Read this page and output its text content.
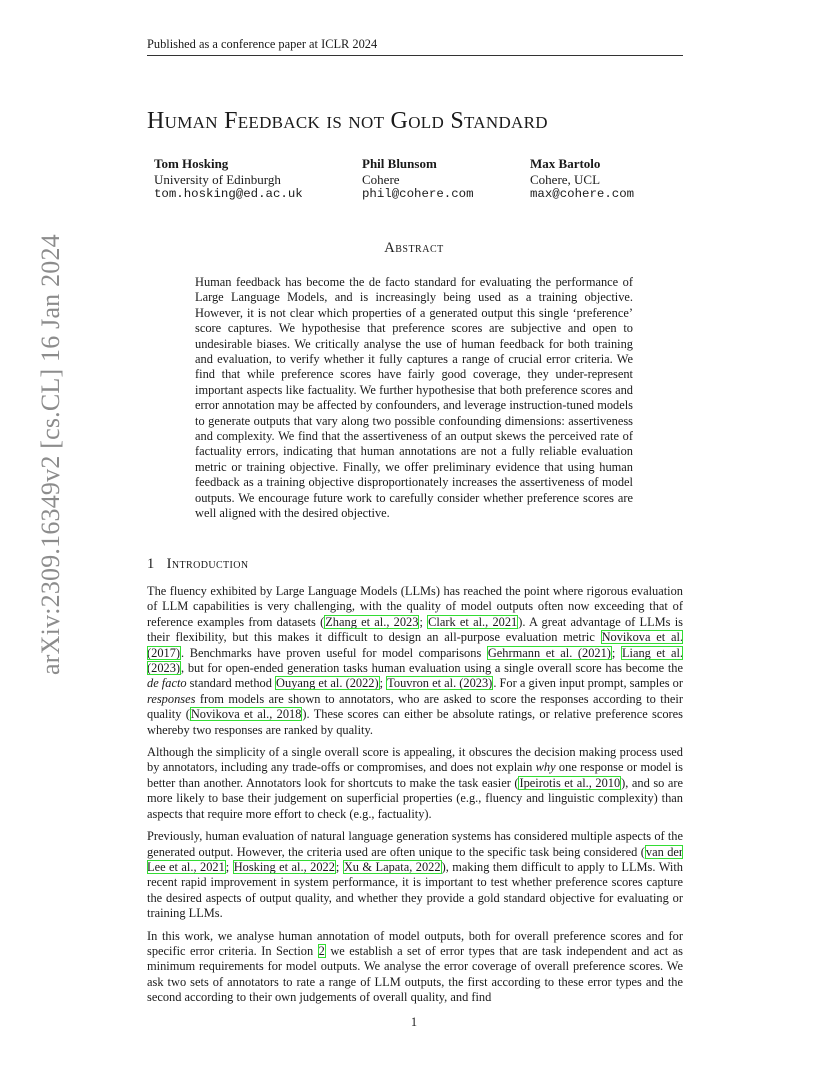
Published as a conference paper at ICLR 2024
arXiv:2309.16349v2 [cs.CL] 16 Jan 2024
Human Feedback is not Gold Standard
Tom Hosking
University of Edinburgh
tom.hosking@ed.ac.uk
Phil Blunsom
Cohere
phil@cohere.com
Max Bartolo
Cohere, UCL
max@cohere.com
Abstract
Human feedback has become the de facto standard for evaluating the performance of Large Language Models, and is increasingly being used as a training objective. However, it is not clear which properties of a generated output this single ‘preference’ score captures. We hypothesise that preference scores are subjective and open to undesirable biases. We critically analyse the use of human feedback for both training and evaluation, to verify whether it fully captures a range of crucial error criteria. We find that while preference scores have fairly good coverage, they under-represent important aspects like factuality. We further hypothesise that both preference scores and error annotation may be affected by confounders, and leverage instruction-tuned models to generate outputs that vary along two possible confounding dimensions: assertiveness and complexity. We find that the assertiveness of an output skews the perceived rate of factuality errors, indicating that human annotations are not a fully reliable evaluation metric or training objective. Finally, we offer preliminary evidence that using human feedback as a training objective disproportionately increases the assertiveness of model outputs. We encourage future work to carefully consider whether preference scores are well aligned with the desired objective.
1 Introduction

The fluency exhibited by Large Language Models (LLMs) has reached the point where rigorous evaluation of LLM capabilities is very challenging, with the quality of model outputs often now exceeding that of reference examples from datasets (Zhang et al., 2023; Clark et al., 2021). A great advantage of LLMs is their flexibility, but this makes it difficult to design an all-purpose evaluation metric Novikova et al. (2017). Benchmarks have proven useful for model comparisons Gehrmann et al. (2021); Liang et al. (2023), but for open-ended generation tasks human evaluation using a single overall score has become the de facto standard method Ouyang et al. (2022); Touvron et al. (2023). For a given input prompt, samples or responses from models are shown to annotators, who are asked to score the responses according to their quality (Novikova et al., 2018). These scores can either be absolute ratings, or relative preference scores whereby two responses are ranked by quality.

Although the simplicity of a single overall score is appealing, it obscures the decision making process used by annotators, including any trade-offs or compromises, and does not explain why one response or model is better than another. Annotators look for shortcuts to make the task easier (Ipeirotis et al., 2010), and so are more likely to base their judgement on superficial properties (e.g., fluency and linguistic complexity) than aspects that require more effort to check (e.g., factuality).

Previously, human evaluation of natural language generation systems has considered multiple aspects of the generated output. However, the criteria used are often unique to the specific task being considered (van der Lee et al., 2021; Hosking et al., 2022; Xu & Lapata, 2022), making them difficult to apply to LLMs. With recent rapid improvement in system performance, it is important to test whether preference scores capture the desired aspects of output quality, and whether they provide a gold standard objective for evaluating or training LLMs.

In this work, we analyse human annotation of model outputs, both for overall preference scores and for specific error criteria. In Section 2 we establish a set of error types that are task independent and act as minimum requirements for model outputs. We analyse the error coverage of overall preference scores. We ask two sets of annotators to rate a range of LLM outputs, the first according to these error types and the second according to their own judgements of overall quality, and find

1
